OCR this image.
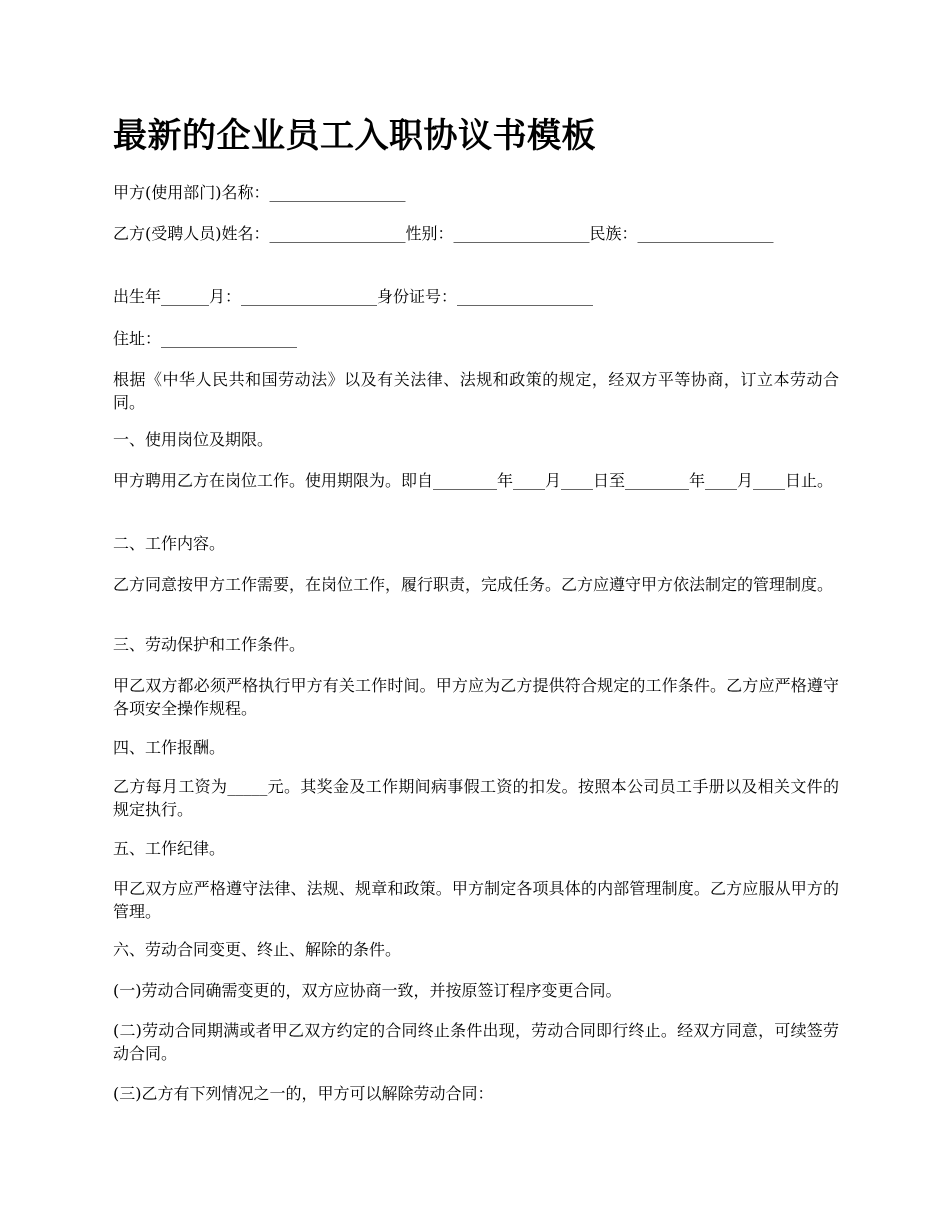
最新的企业员工入职协议书模板
甲方(使用部门)名称：_________________
乙方(受聘人员)姓名：_________________性别：_________________民族：_________________
出生年______月：_________________身份证号：_________________
住址：_________________
根据《中华人民共和国劳动法》以及有关法律、法规和政策的规定，经双方平等协商，订立本劳动合同。
一、使用岗位及期限。
甲方聘用乙方在岗位工作。使用期限为。即自________年____月____日至________年____月____日止。
二、工作内容。
乙方同意按甲方工作需要，在岗位工作，履行职责，完成任务。乙方应遵守甲方依法制定的管理制度。
三、劳动保护和工作条件。
甲乙双方都必须严格执行甲方有关工作时间。甲方应为乙方提供符合规定的工作条件。乙方应严格遵守各项安全操作规程。
四、工作报酬。
乙方每月工资为_____元。其奖金及工作期间病事假工资的扣发。按照本公司员工手册以及相关文件的规定执行。
五、工作纪律。
甲乙双方应严格遵守法律、法规、规章和政策。甲方制定各项具体的内部管理制度。乙方应服从甲方的管理。
六、劳动合同变更、终止、解除的条件。
(一)劳动合同确需变更的，双方应协商一致，并按原签订程序变更合同。
(二)劳动合同期满或者甲乙双方约定的合同终止条件出现，劳动合同即行终止。经双方同意，可续签劳动合同。
(三)乙方有下列情况之一的，甲方可以解除劳动合同：
